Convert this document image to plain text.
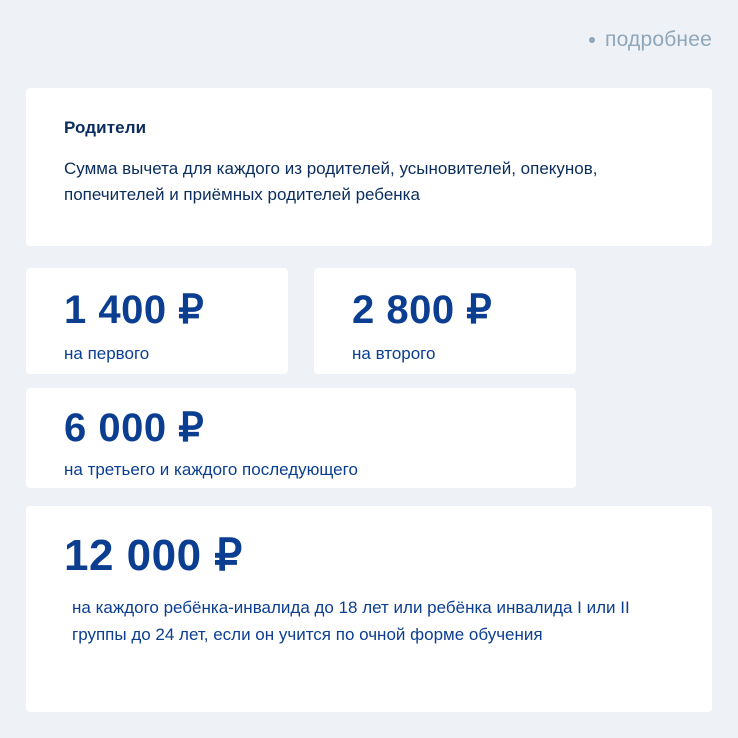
подробнее
Родители
Сумма вычета для каждого из родителей, усыновителей, опекунов, попечителей и приёмных родителей ребенка
1 400 ₽
на первого
2 800 ₽
на второго
6 000 ₽
на третьего и каждого последующего
12 000 ₽
на каждого ребёнка-инвалида до 18 лет или ребёнка инвалида I или II группы до 24 лет, если он учится по очной форме обучения
